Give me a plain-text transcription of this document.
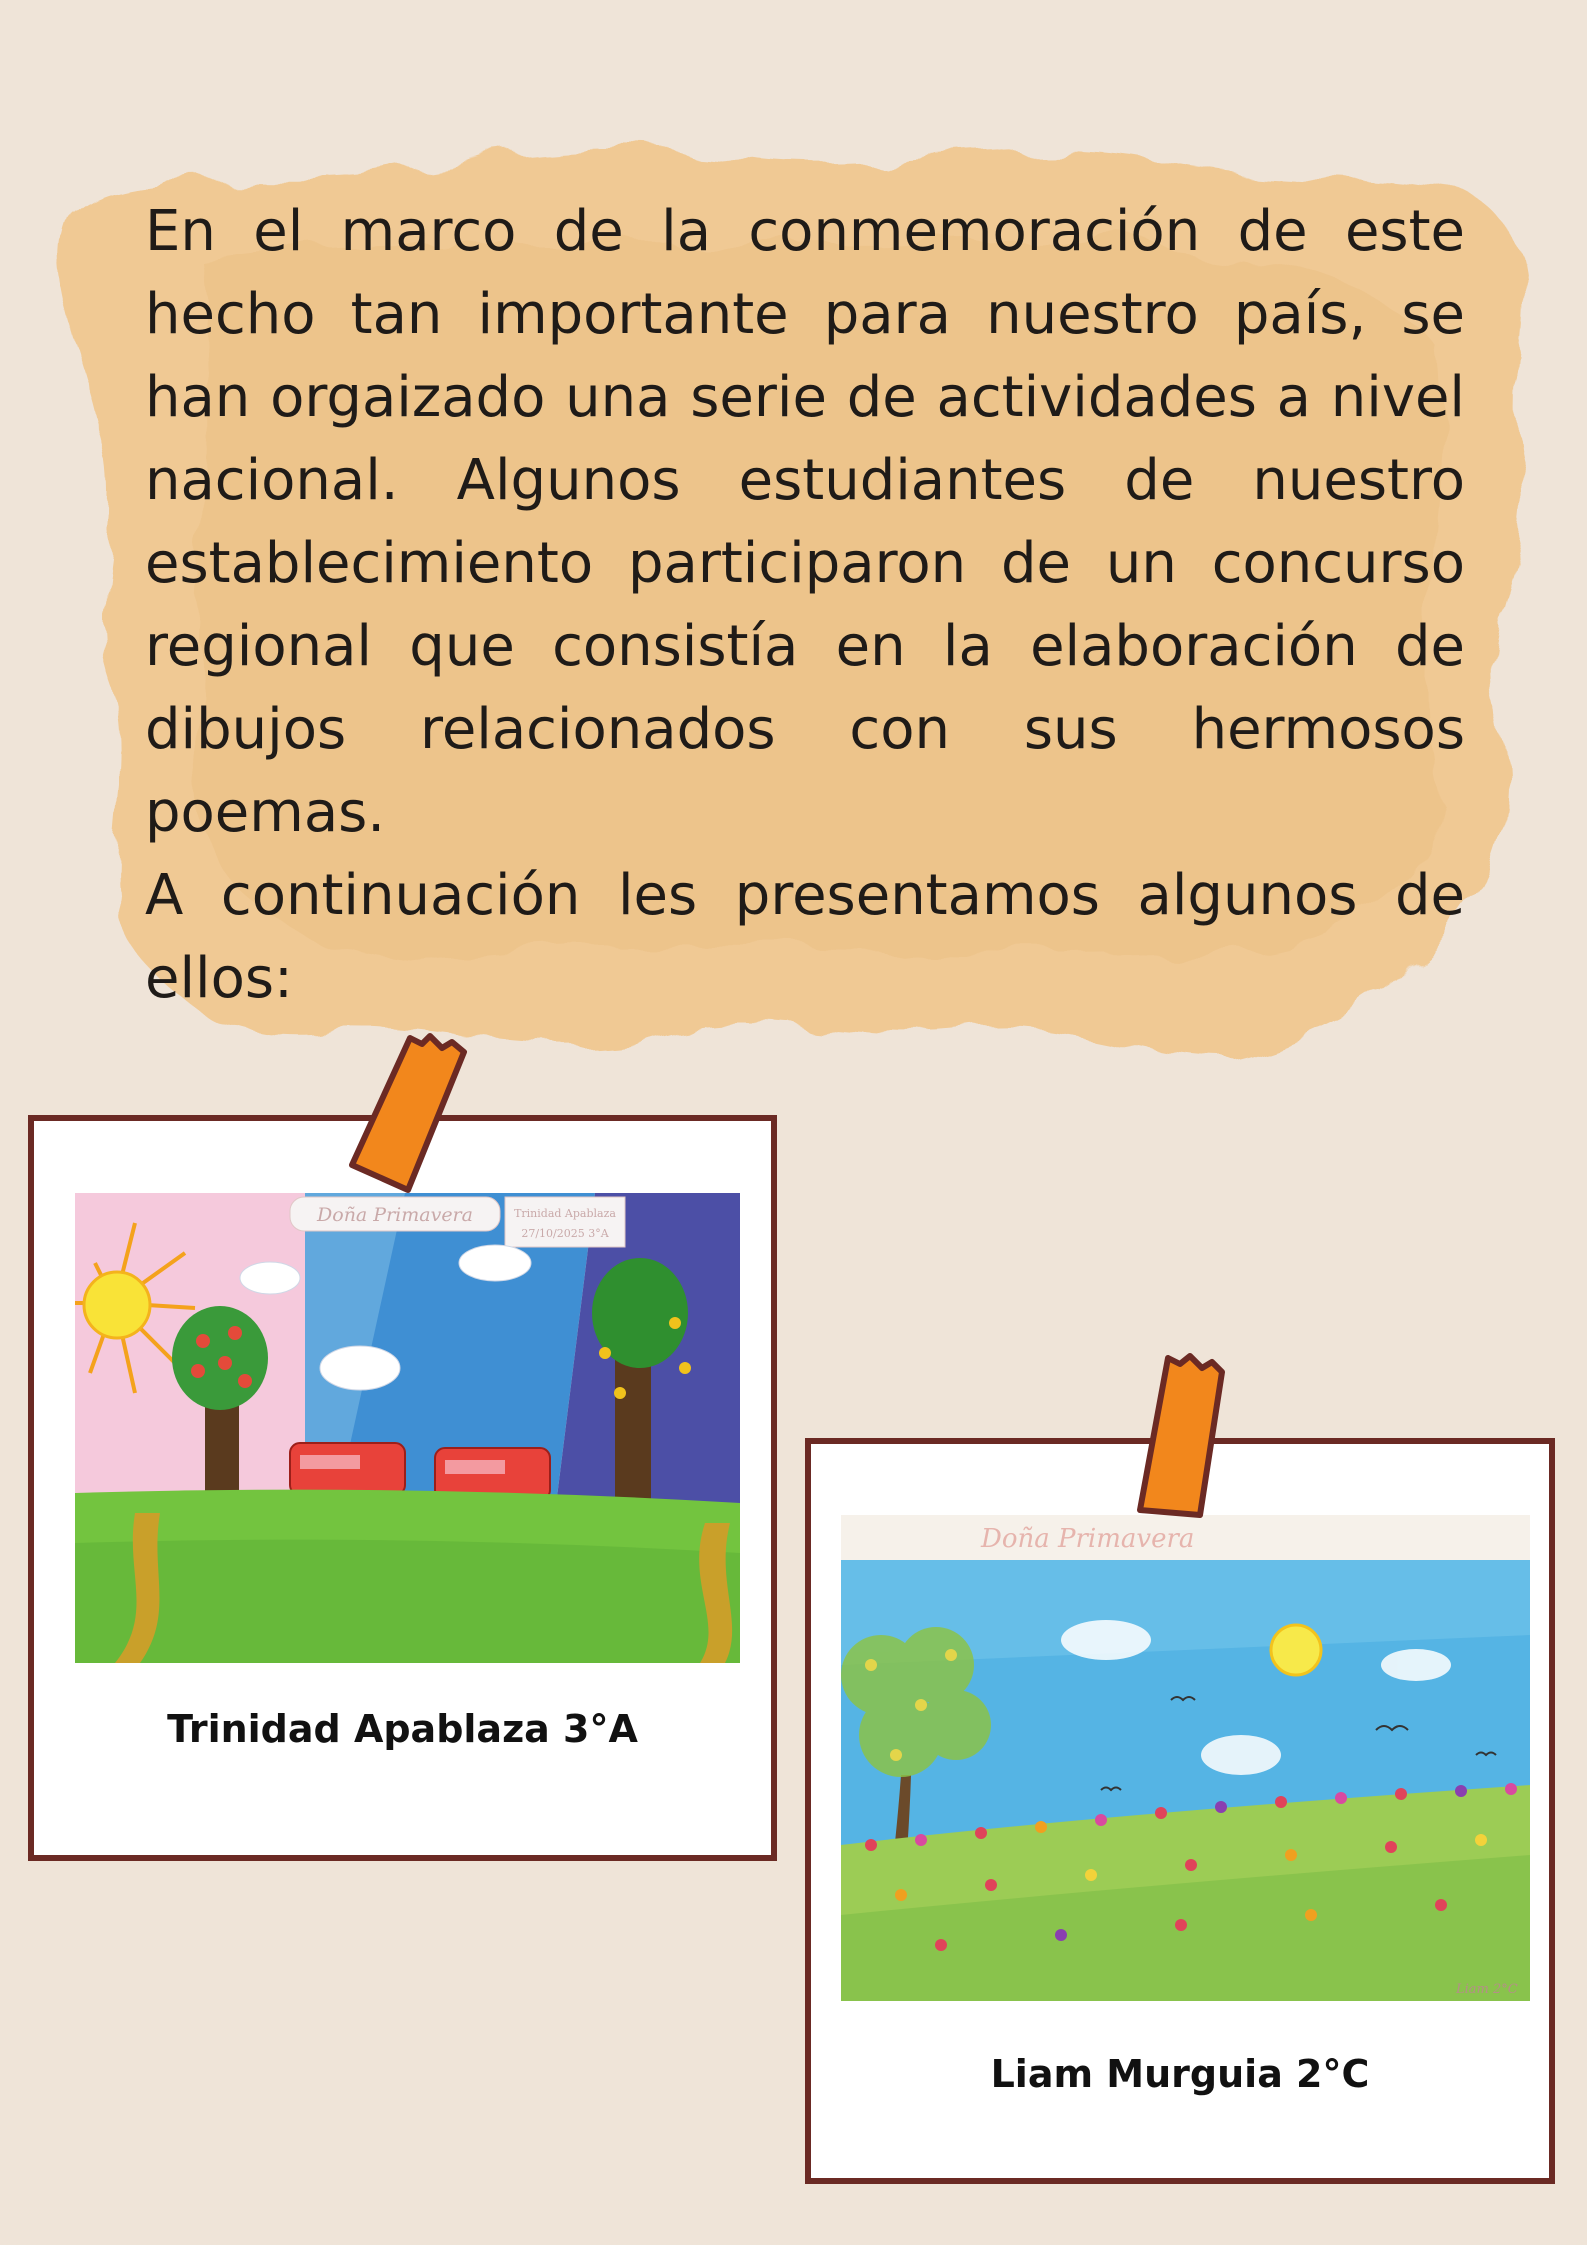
En el marco de la conmemoración de este hecho tan importante para nuestro país, se han orgaizado una serie de actividades a nivel nacional. Algunos estudiantes de nuestro establecimiento participaron de un concurso regional que consistía en la elaboración de dibujos relacionados con sus hermosos poemas.

A continuación les presentamos algunos de ellos:

Doña Primavera	Trinidad Apablaza
27/10/2025 3°A
Trinidad Apablaza 3°A
Doña Primavera
Liam 2°C
Liam Murguia 2°C
